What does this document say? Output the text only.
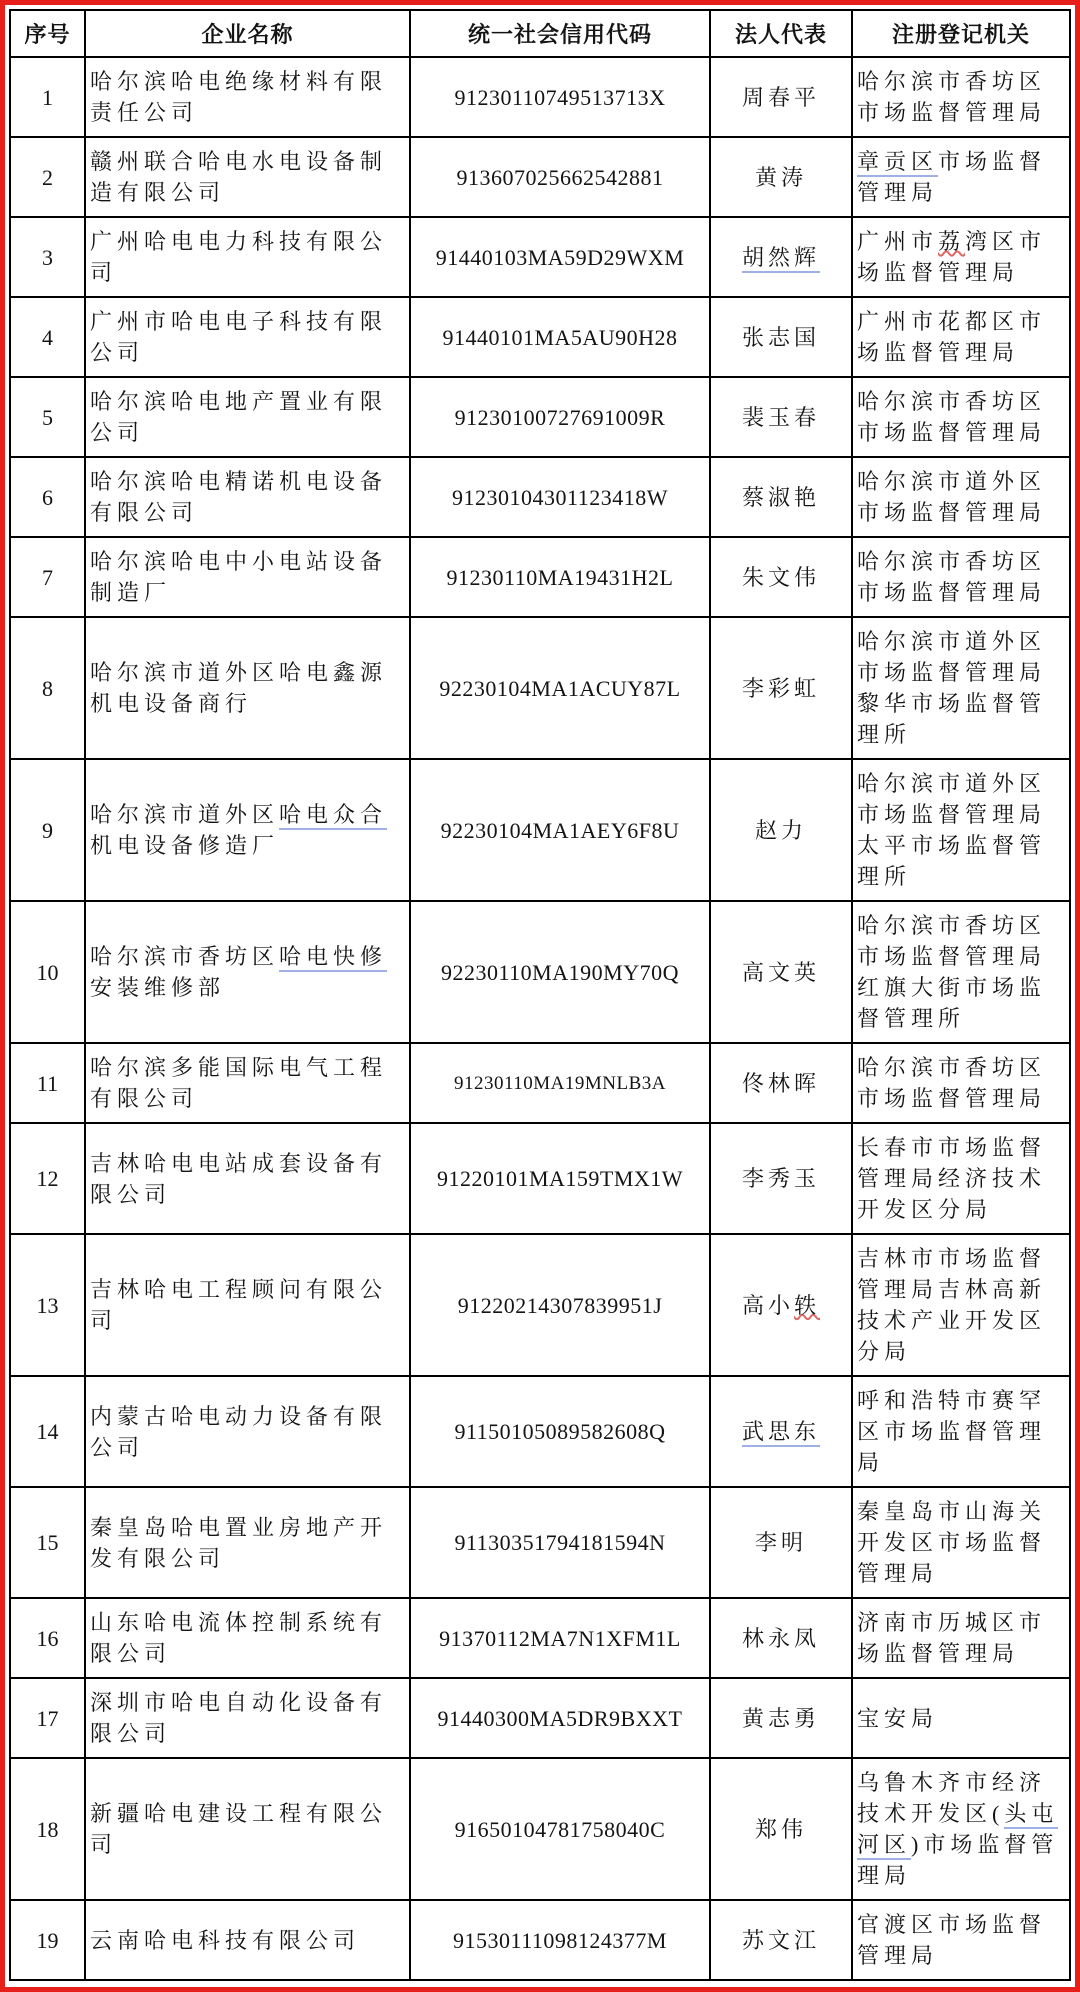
序号	企业名称	统一社会信用代码	法人代表	注册登记机关
1	哈尔滨哈电绝缘材料有限责任公司	91230110749513713X	周春平	哈尔滨市香坊区市场监督管理局
2	赣州联合哈电水电设备制造有限公司	913607025662542881	黄涛	章贡区市场监督管理局
3	广州哈电电力科技有限公司	91440103MA59D29WXM	胡然辉	广州市荔湾区市场监督管理局
4	广州市哈电电子科技有限公司	91440101MA5AU90H28	张志国	广州市花都区市场监督管理局
5	哈尔滨哈电地产置业有限公司	91230100727691009R	裴玉春	哈尔滨市香坊区市场监督管理局
6	哈尔滨哈电精诺机电设备有限公司	91230104301123418W	蔡淑艳	哈尔滨市道外区市场监督管理局
7	哈尔滨哈电中小电站设备制造厂	91230110MA19431H2L	朱文伟	哈尔滨市香坊区市场监督管理局
8	哈尔滨市道外区哈电鑫源机电设备商行	92230104MA1ACUY87L	李彩虹	哈尔滨市道外区市场监督管理局黎华市场监督管理所
9	哈尔滨市道外区哈电众合机电设备修造厂	92230104MA1AEY6F8U	赵力	哈尔滨市道外区市场监督管理局太平市场监督管理所
10	哈尔滨市香坊区哈电快修安装维修部	92230110MA190MY70Q	高文英	哈尔滨市香坊区市场监督管理局红旗大街市场监督管理所
11	哈尔滨多能国际电气工程有限公司	91230110MA19MNLB3A	佟林晖	哈尔滨市香坊区市场监督管理局
12	吉林哈电电站成套设备有限公司	91220101MA159TMX1W	李秀玉	长春市市场监督管理局经济技术开发区分局
13	吉林哈电工程顾问有限公司	91220214307839951J	高小轶	吉林市市场监督管理局吉林高新技术产业开发区分局
14	内蒙古哈电动力设备有限公司	91150105089582608Q	武思东	呼和浩特市赛罕区市场监督管理局
15	秦皇岛哈电置业房地产开发有限公司	91130351794181594N	李明	秦皇岛市山海关开发区市场监督管理局
16	山东哈电流体控制系统有限公司	91370112MA7N1XFM1L	林永凤	济南市历城区市场监督管理局
17	深圳市哈电自动化设备有限公司	91440300MA5DR9BXXT	黄志勇	宝安局
18	新疆哈电建设工程有限公司	91650104781758040C	郑伟	乌鲁木齐市经济技术开发区(头屯河区)市场监督管理局
19	云南哈电科技有限公司	91530111098124377M	苏文江	官渡区市场监督管理局
